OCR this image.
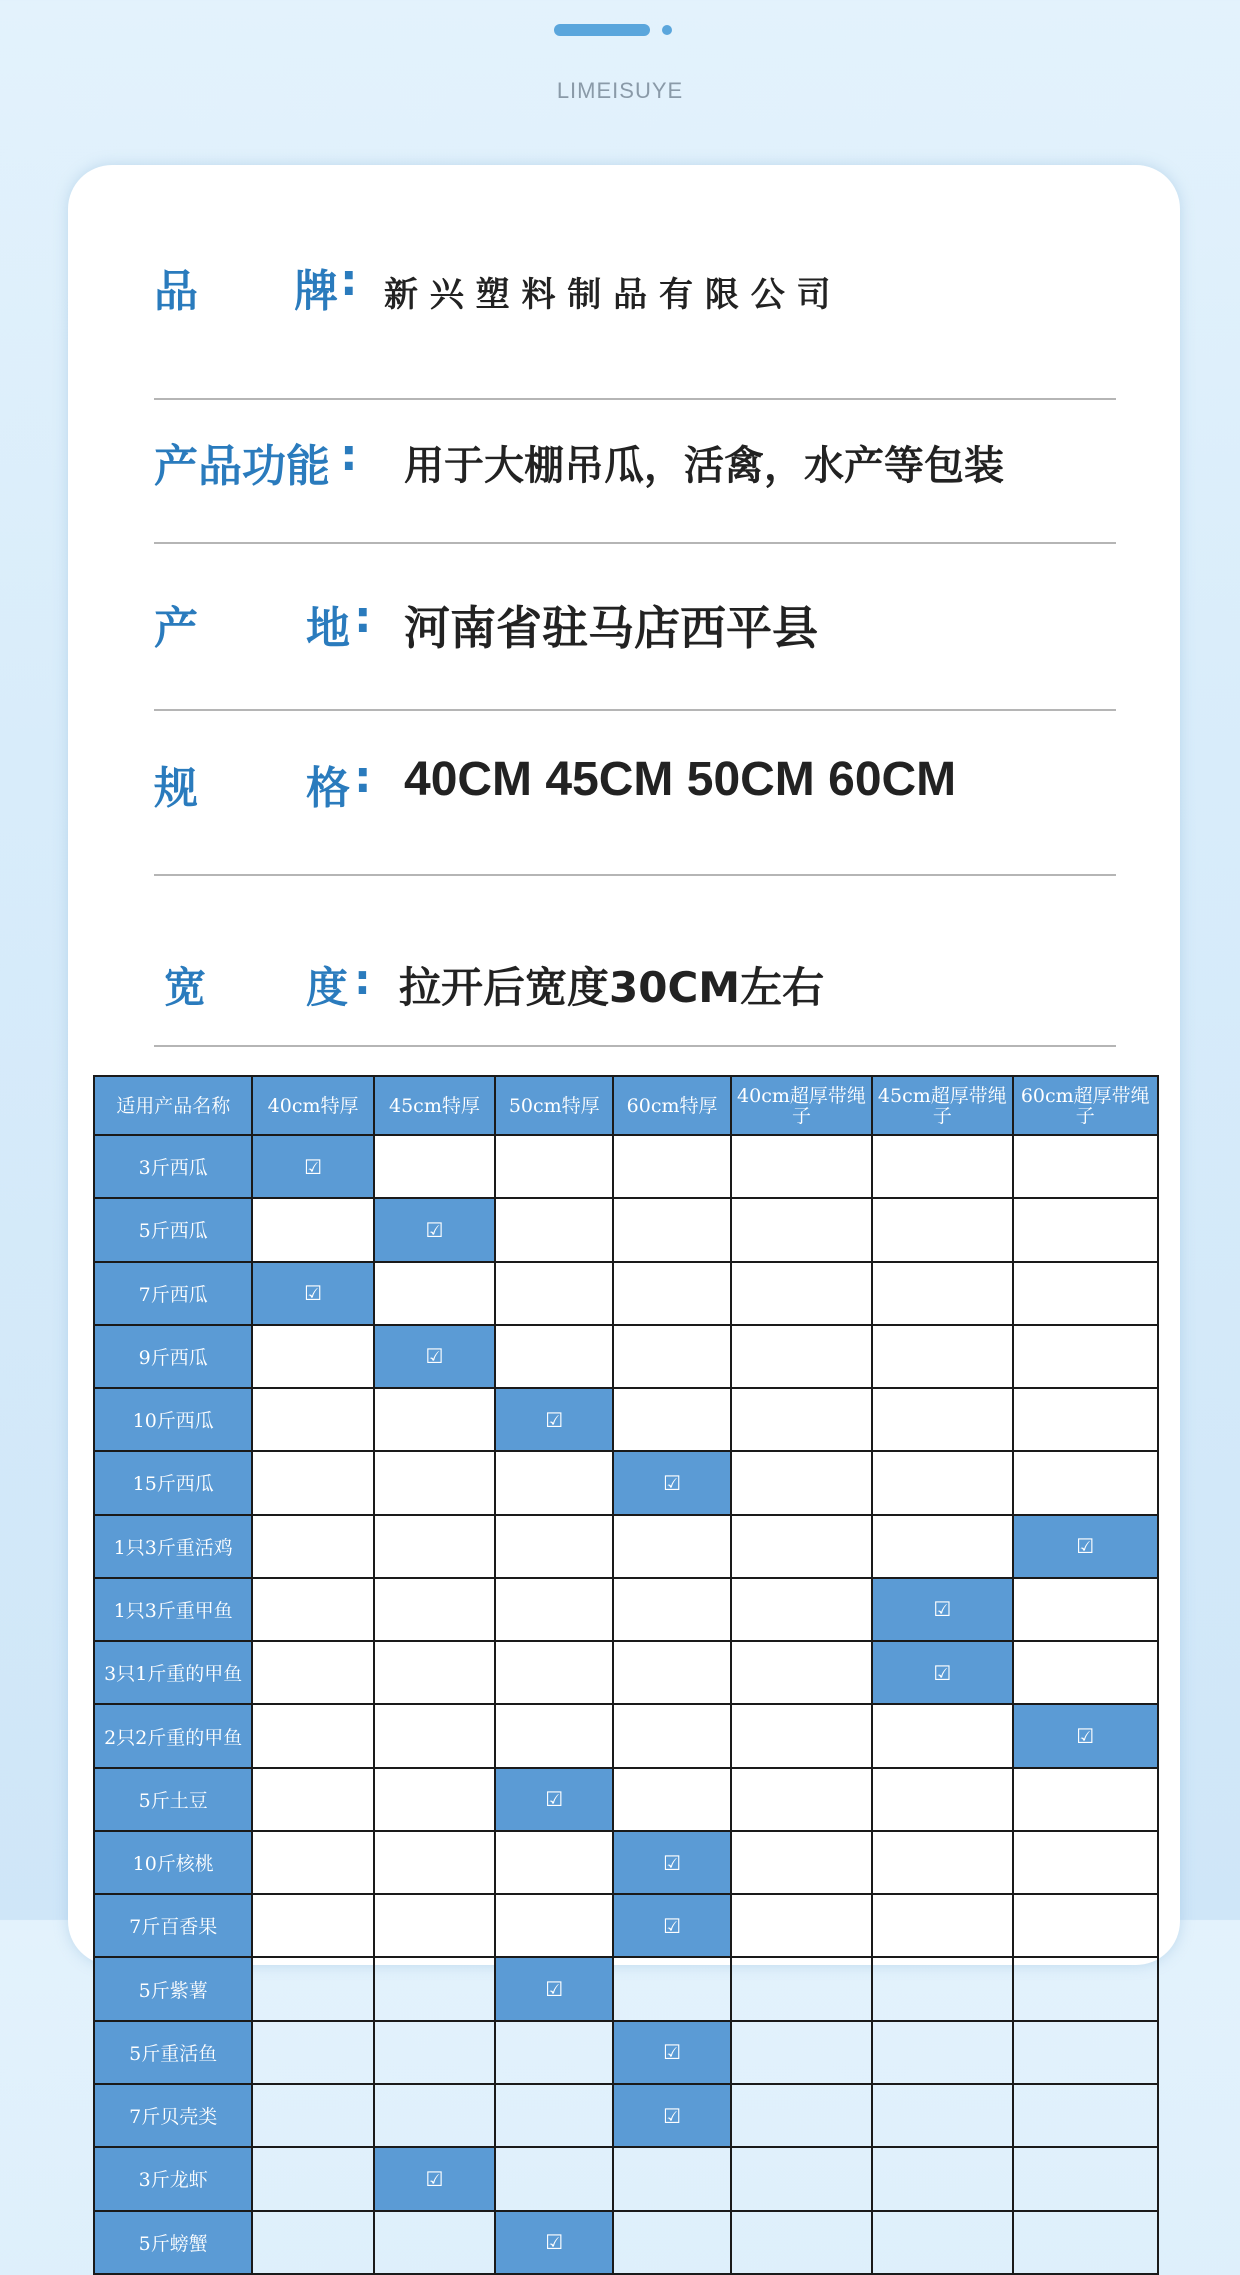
LIMEISUYE
品 牌 : 新 兴 塑 料 制 品 有 限 公 司
产品功能 : 用于大棚吊瓜，活禽，水产等包装
产 地 : 河南省驻马店西平县
规 格 : 40CM 45CM 50CM 60CM
宽 度 : 拉开后宽度30CM左右
适用产品名称	40cm特厚	45cm特厚	50cm特厚	60cm特厚	40cm超厚带绳子	45cm超厚带绳子	60cm超厚带绳子
3斤西瓜	☑						
5斤西瓜		☑					
7斤西瓜	☑						
9斤西瓜		☑					
10斤西瓜			☑				
15斤西瓜				☑			
1只3斤重活鸡							☑
1只3斤重甲鱼						☑	
3只1斤重的甲鱼						☑	
2只2斤重的甲鱼							☑
5斤土豆			☑				
10斤核桃				☑			
7斤百香果				☑			
5斤紫薯			☑				
5斤重活鱼				☑			
7斤贝壳类				☑			
3斤龙虾		☑					
5斤螃蟹			☑				
